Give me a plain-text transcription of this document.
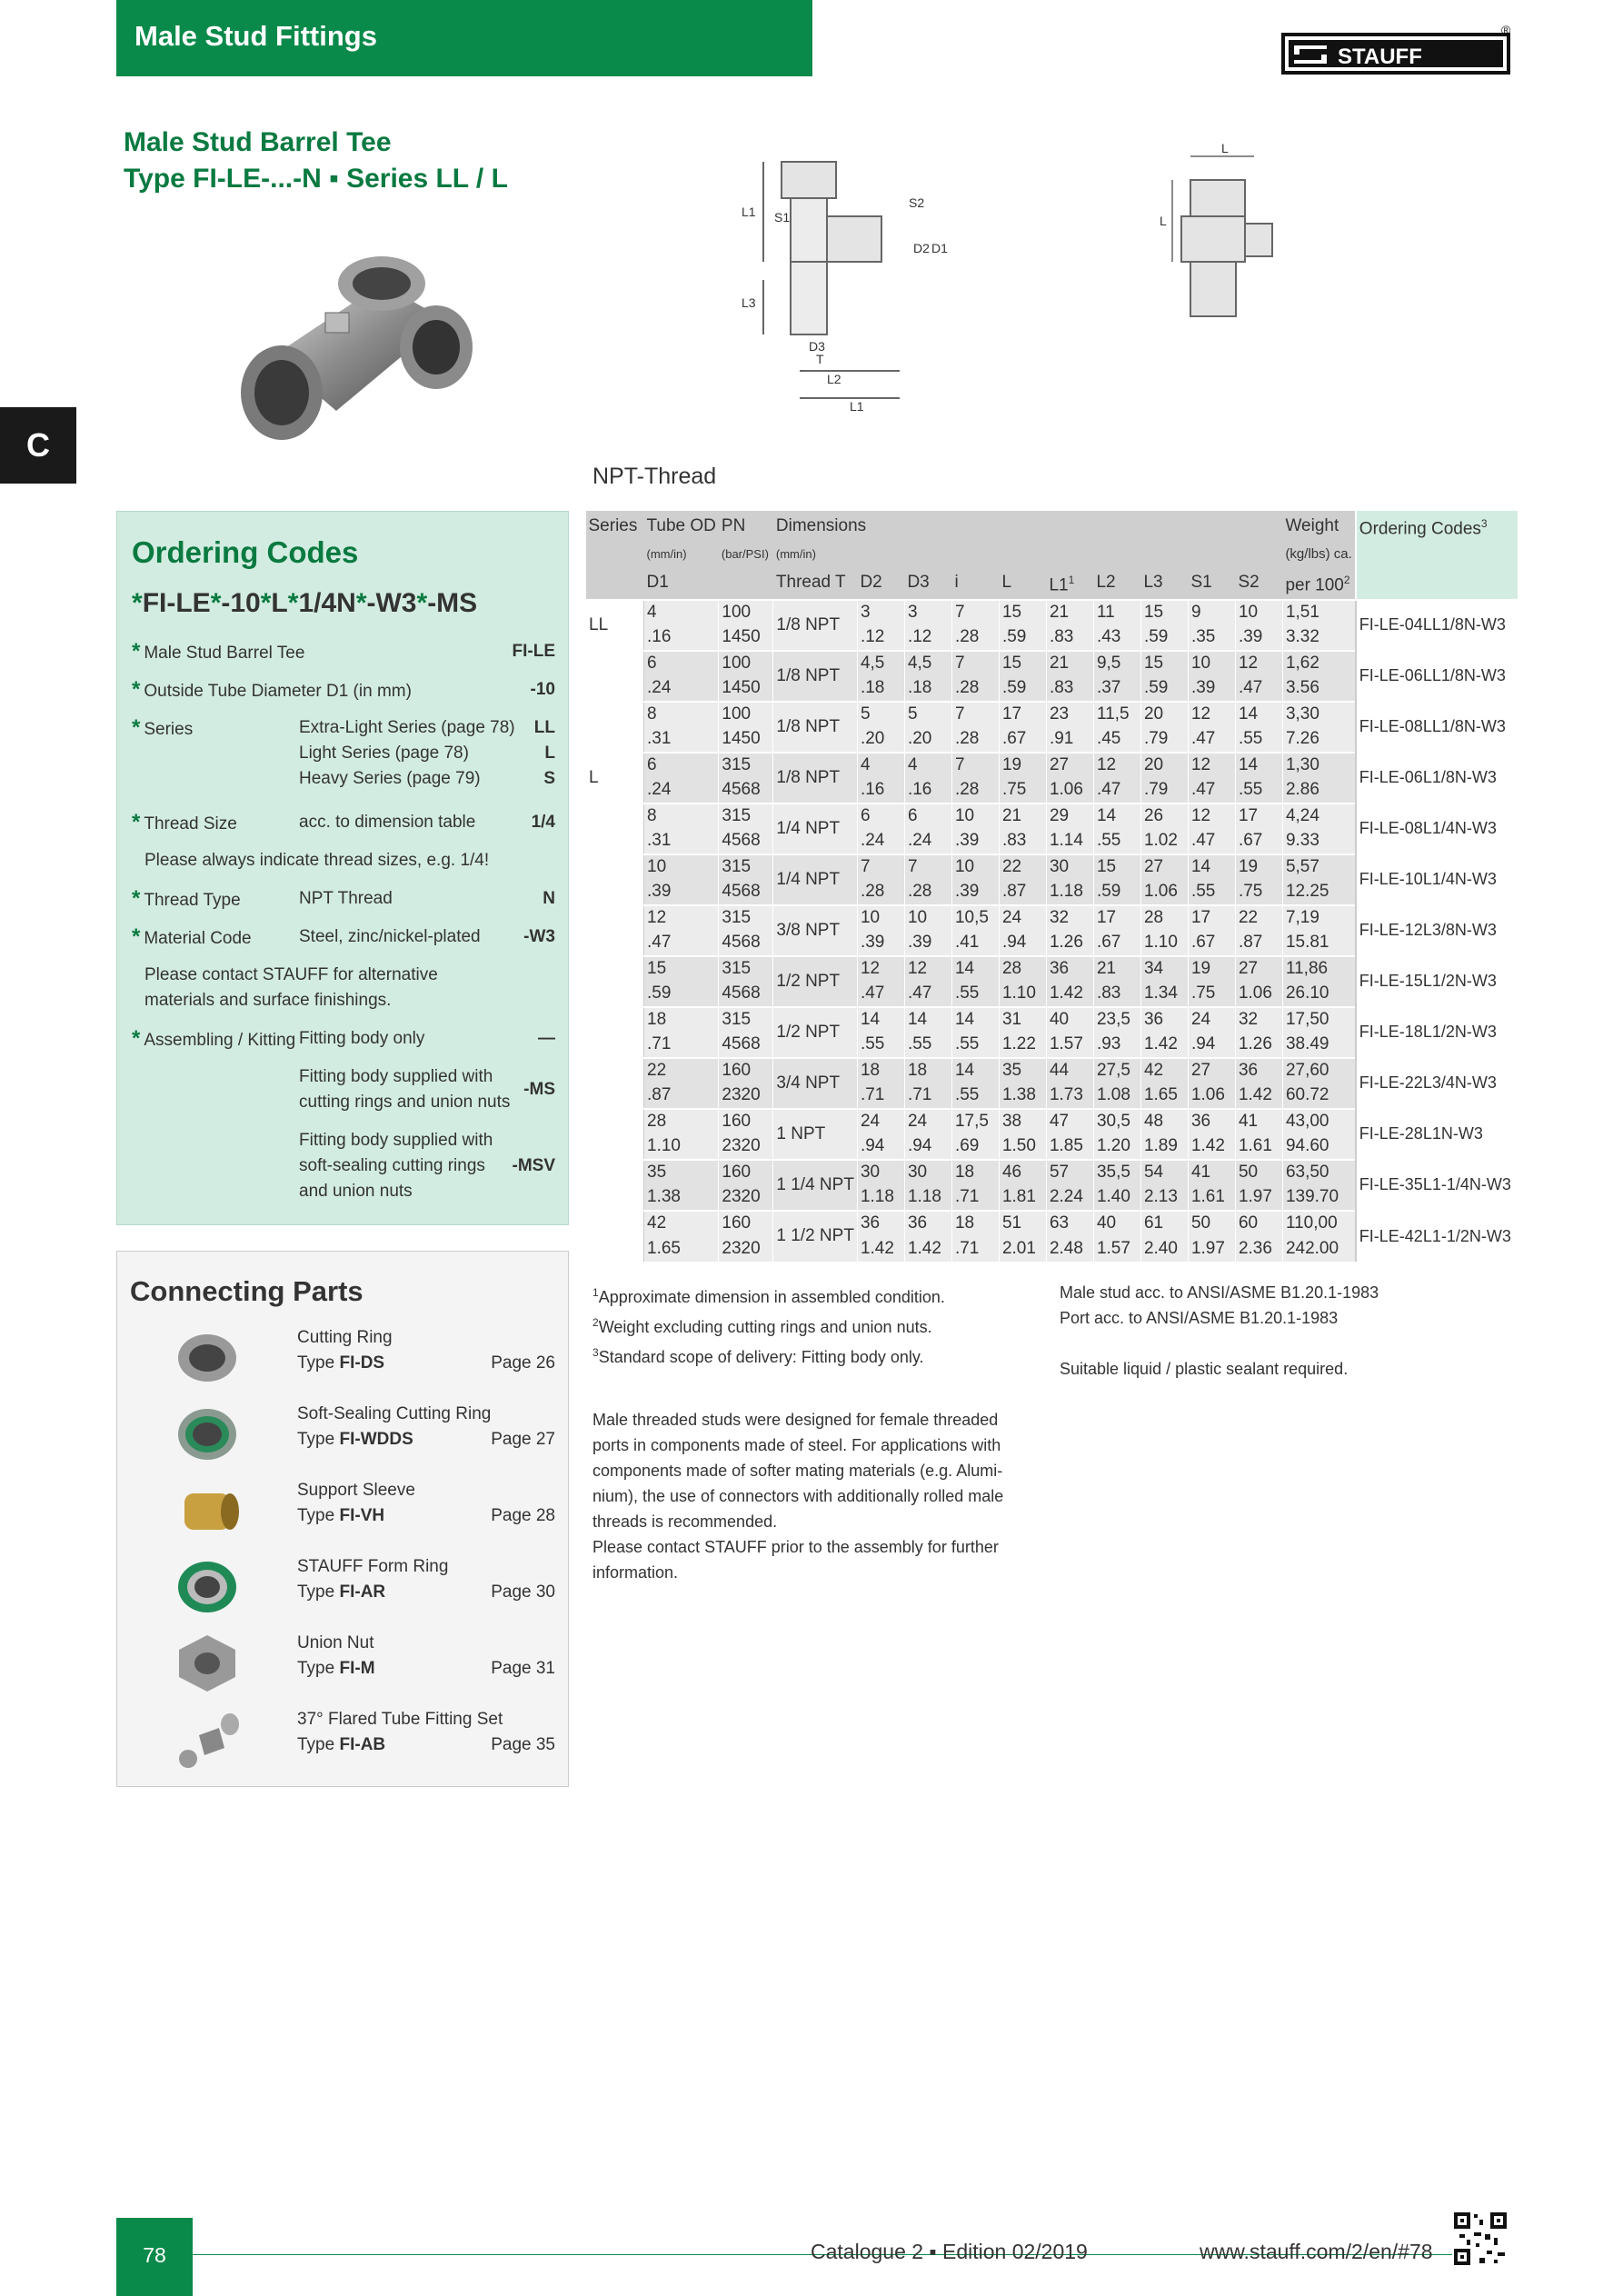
Male Stud Fittings
STAUFF
®
C
Male Stud Barrel Tee
Type FI-LE-...-N ▪ Series LL / L
L1 S1
S2
D2 D1
L3
D3
T
L2
L1
L
L
NPT-Thread
Ordering Codes
*FI-LE*-10*L*1/4N*-W3*-MS
* Male Stud Barrel Tee	FI-LE
* Outside Tube Diameter D1 (in mm)	-10
* Series	Extra-Light Series (page 78) LL
Light Series (page 78)	L
Heavy Series (page 79)	S
* Thread Size	acc. to dimension table	1/4
Please always indicate thread sizes, e.g. 1/4!
* Thread Type	NPT Thread	N
* Material Code	Steel, zinc/nickel-plated	-W3
Please contact STAUFF for alternative
materials and surface finishings.
* Assembling / Kitting Fitting body only	—
Fitting body supplied with
cutting rings and union nuts
-MS
Fitting body supplied with
soft-sealing cutting rings
and union nuts
-MSV
Connecting Parts
Cutting Ring
Type FI-DS	Page 26
Soft-Sealing Cutting Ring
Type FI-WDDS	Page 27
Support Sleeve
Type FI-VH	Page 28
STAUFF Form Ring
Type FI-AR	Page 30
Union Nut
Type FI-M	Page 31
37° Flared Tube Fitting Set
Type FI-AB	Page 35
Series	Tube OD	PN	Dimensions										Weight	Ordering Codes$^3$
	(mm/in)	(bar/PSI)	(mm/in)										(kg/lbs) ca.	
	D1		Thread T	D2	D3	i	L	$L1^1$	L2	L3	S1	S2	per $100^2$	
LL	4	100	1/8 NPT	3	3	7	15	21	11	15	9	10	1,51	FI-LE-04LL1/8N-W3
	.16	1450		.12	.12	.28	.59	.83	.43	.59	.35	.39	3.32	
	6	100	1/8 NPT	4,5	4,5	7	15	21	9,5	15	10	12	1,62	FI-LE-06LL1/8N-W3
	.24	1450		.18	.18	.28	.59	.83	.37	.59	.39	.47	3.56	
	8	100	1/8 NPT	5	5	7	17	23	11,5	20	12	14	3,30	FI-LE-08LL1/8N-W3
	.31	1450		.20	.20	.28	.67	.91	.45	.79	.47	.55	7.26	
L	6	315	1/8 NPT	4	4	7	19	27	12	20	12	14	1,30	FI-LE-06L1/8N-W3
	.24	4568		.16	.16	.28	.75	1.06	.47	.79	.47	.55	2.86	
	8	315	1/4 NPT	6	6	10	21	29	14	26	12	17	4,24	FI-LE-08L1/4N-W3
	.31	4568		.24	.24	.39	.83	1.14	.55	1.02	.47	.67	9.33	
	10	315	1/4 NPT	7	7	10	22	30	15	27	14	19	5,57	FI-LE-10L1/4N-W3
	.39	4568		.28	.28	.39	.87	1.18	.59	1.06	.55	.75	12.25	
	12	315	3/8 NPT	10	10	10,5	24	32	17	28	17	22	7,19	FI-LE-12L3/8N-W3
	.47	4568		.39	.39	.41	.94	1.26	.67	1.10	.67	.87	15.81	
	15	315	1/2 NPT	12	12	14	28	36	21	34	19	27	11,86	FI-LE-15L1/2N-W3
	.59	4568		.47	.47	.55	1.10	1.42	.83	1.34	.75	1.06	26.10	
	18	315	1/2 NPT	14	14	14	31	40	23,5	36	24	32	17,50	FI-LE-18L1/2N-W3
	.71	4568		.55	.55	.55	1.22	1.57	.93	1.42	.94	1.26	38.49	
	22	160	3/4 NPT	18	18	14	35	44	27,5	42	27	36	27,60	FI-LE-22L3/4N-W3
	.87	2320		.71	.71	.55	1.38	1.73	1.08	1.65	1.06	1.42	60.72	
	28	160	1 NPT	24	24	17,5	38	47	30,5	48	36	41	43,00	FI-LE-28L1N-W3
	1.10	2320		.94	.94	.69	1.50	1.85	1.20	1.89	1.42	1.61	94.60	
	35	160	1 1/4 NPT	30	30	18	46	57	35,5	54	41	50	63,50	FI-LE-35L1-1/4N-W3
	1.38	2320		1.18	1.18	.71	1.81	2.24	1.40	2.13	1.61	1.97	139.70	
	42	160	1 1/2 NPT	36	36	18	51	63	40	61	50	60	110,00	FI-LE-42L1-1/2N-W3
	1.65	2320		1.42	1.42	.71	2.01	2.48	1.57	2.40	1.97	2.36	242.00	
$^1$Approximate dimension in assembled condition.
$^2$Weight excluding cutting rings and union nuts.
$^3$Standard scope of delivery: Fitting body only.
Male stud acc. to ANSI/ASME B1.20.1-1983
Port acc. to ANSI/ASME B1.20.1-1983
Suitable liquid / plastic sealant required.
Male threaded studs were designed for female threaded
ports in components made of steel. For applications with
components made of softer mating materials (e.g. Alumi-
nium), the use of connectors with additionally rolled male
threads is recommended.
Please contact STAUFF prior to the assembly for further
information.
78	Catalogue 2 ▪ Edition 02/2019	www.stauff.com/2/en/#78
